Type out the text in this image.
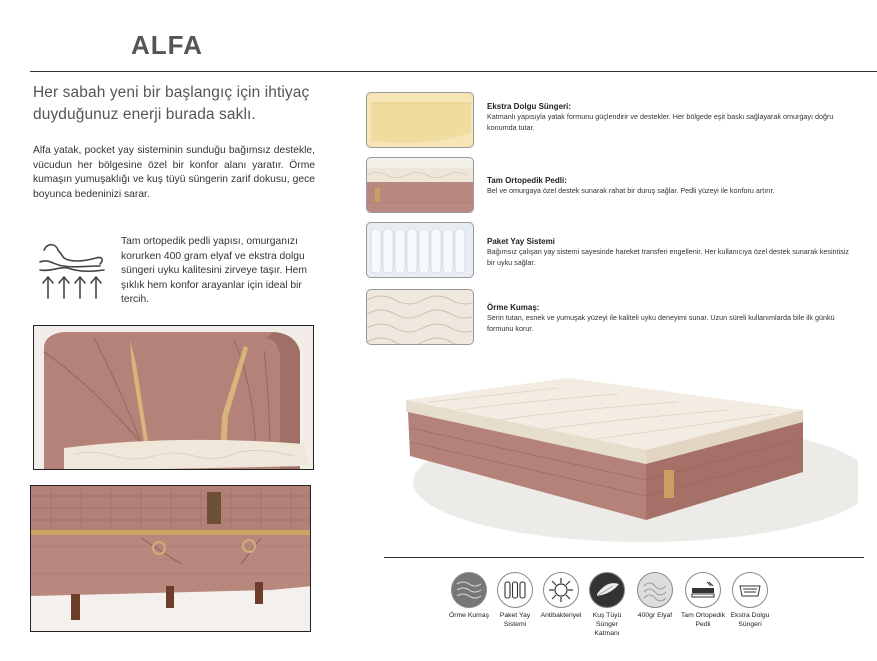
ALFA
Her sabah yeni bir başlangıç için ihtiyaç duyduğunuz enerji burada saklı.
Alfa yatak, pocket yay sisteminin sunduğu bağımsız destekle, vücudun her bölgesine özel bir konfor alanı yaratır. Örme kumaşın yumuşaklığı ve kuş tüyü süngerin zarif dokusu, gece boyunca bedeninizi sarar.
Tam ortopedik pedli yapısı, omurganızı korurken 400 gram elyaf ve ekstra dolgu süngeri uyku kalitesini zirveye taşır. Hem şıklık hem konfor arayanlar için ideal bir tercih.
Ekstra Dolgu Süngeri:
Katmanlı yapısıyla yatak formunu güçlendirir ve destekler. Her bölgede eşit baskı sağlayarak omurgayı doğru konumda tutar.
Tam Ortopedik Pedli:
Bel ve omurgaya özel destek sunarak rahat bir duruş sağlar. Pedli yüzeyi ile konforu artırır.
Paket Yay Sistemi
Bağımsız çalışan yay sistemi sayesinde hareket transferi engellenir. Her kullanıcıya özel destek sunarak kesintisiz bir uyku sağlar.
Örme Kumaş:
Serin tutan, esnek ve yumuşak yüzeyi ile kaliteli uyku deneyimi sunar. Uzun süreli kullanımlarda bile ilk günkü formunu korur.
Örme Kumaş	Paket Yay Sistemi
Antibakteriyel	Kuş Tüyü Sünger Katmanı
400gr Elyaf	Tam Ortopedik Pedli
Ekstra Dolgu Süngeri
